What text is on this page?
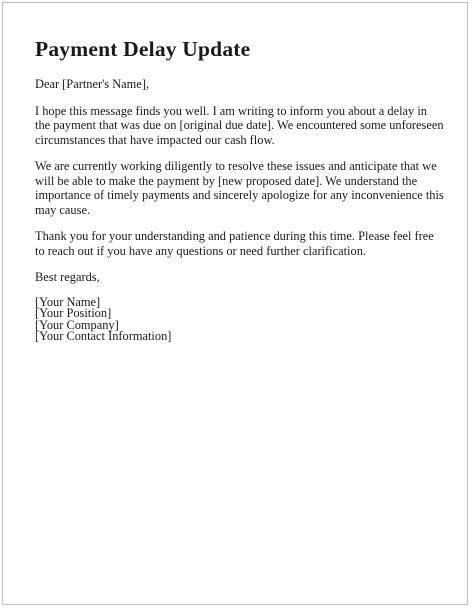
Payment Delay Update

Dear [Partner's Name],

I hope this message finds you well. I am writing to inform you about a delay in the payment that was due on [original due date]. We encountered some unforeseen circumstances that have impacted our cash flow.

We are currently working diligently to resolve these issues and anticipate that we will be able to make the payment by [new proposed date]. We understand the importance of timely payments and sincerely apologize for any inconvenience this may cause.

Thank you for your understanding and patience during this time. Please feel free to reach out if you have any questions or need further clarification.

Best regards,

[Your Name]
[Your Position]
[Your Company]
[Your Contact Information]
